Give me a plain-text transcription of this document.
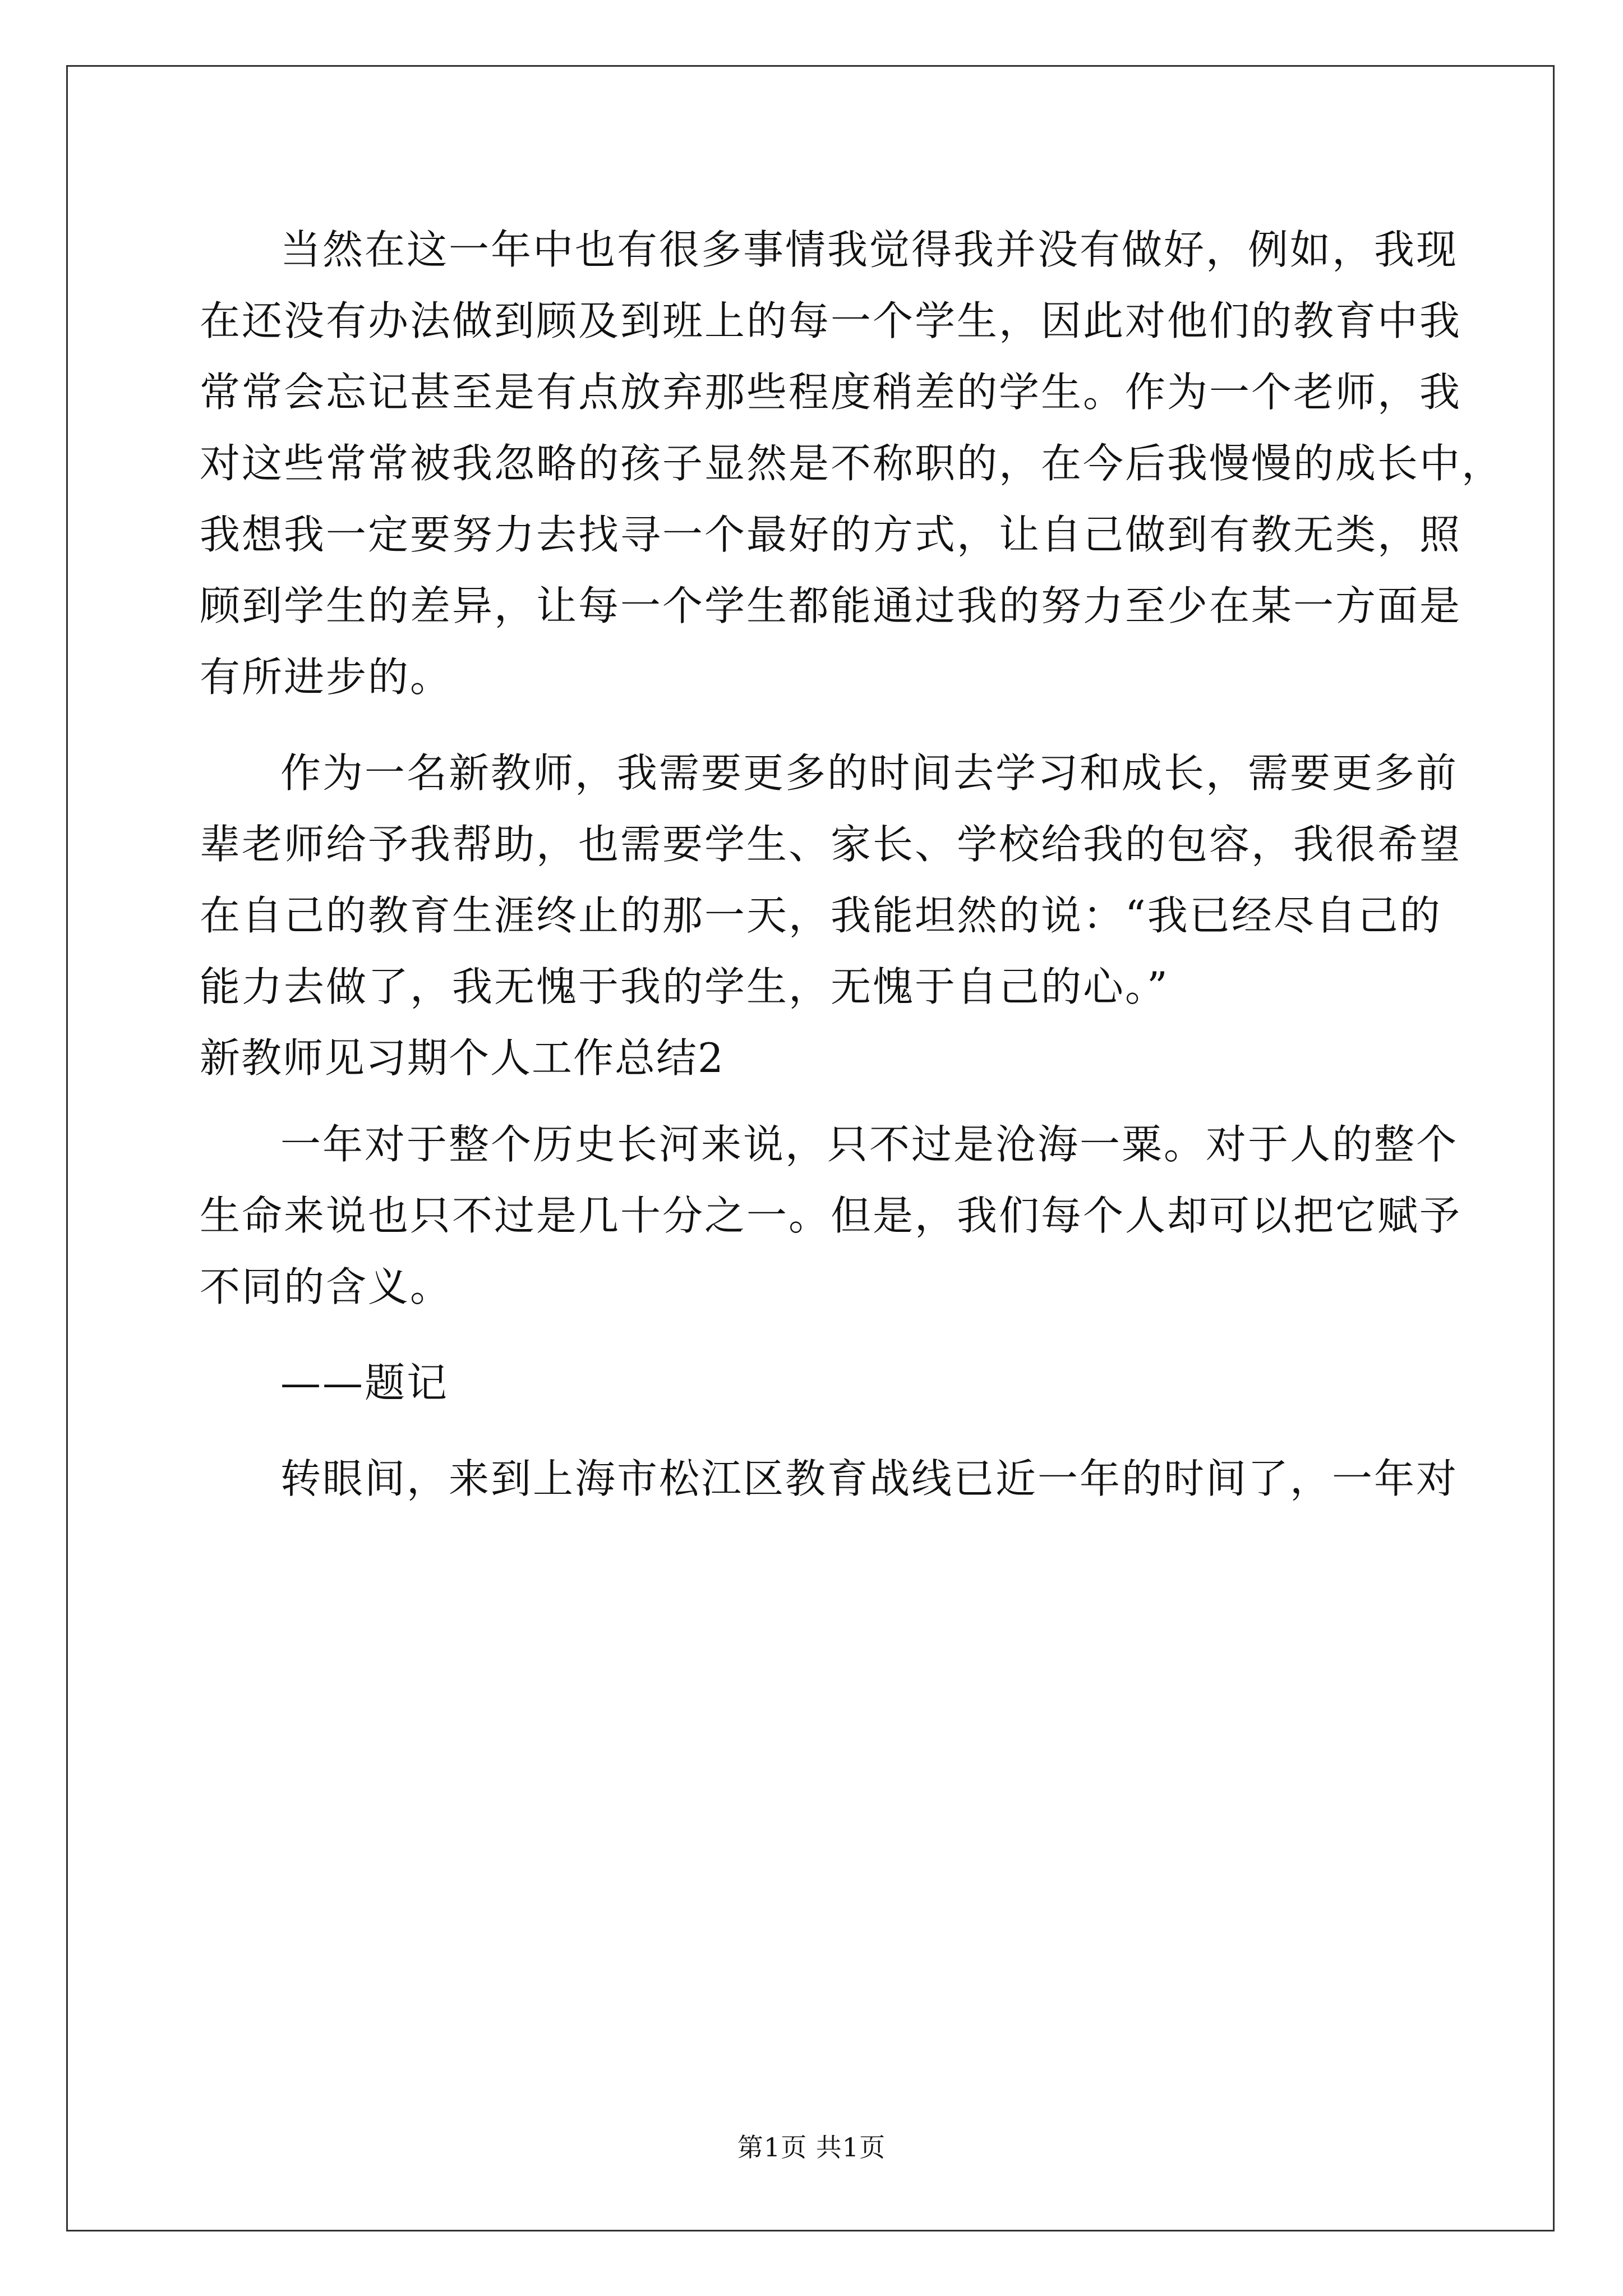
当然在这一年中也有很多事情我觉得我并没有做好，例如，我现
在还没有办法做到顾及到班上的每一个学生，因此对他们的教育中我
常常会忘记甚至是有点放弃那些程度稍差的学生。作为一个老师，我
对这些常常被我忽略的孩子显然是不称职的，在今后我慢慢的成长中，
我想我一定要努力去找寻一个最好的方式，让自己做到有教无类，照
顾到学生的差异，让每一个学生都能通过我的努力至少在某一方面是
有所进步的。
作为一名新教师，我需要更多的时间去学习和成长，需要更多前
辈老师给予我帮助，也需要学生、家长、学校给我的包容，我很希望
在自己的教育生涯终止的那一天，我能坦然的说：“我已经尽自己的
能力去做了，我无愧于我的学生，无愧于自己的心。”
新教师见习期个人工作总结2
一年对于整个历史长河来说，只不过是沧海一粟。对于人的整个
生命来说也只不过是几十分之一。但是，我们每个人却可以把它赋予
不同的含义。
——题记
转眼间，来到上海市松江区教育战线已近一年的时间了，一年对
第1页 共1页
